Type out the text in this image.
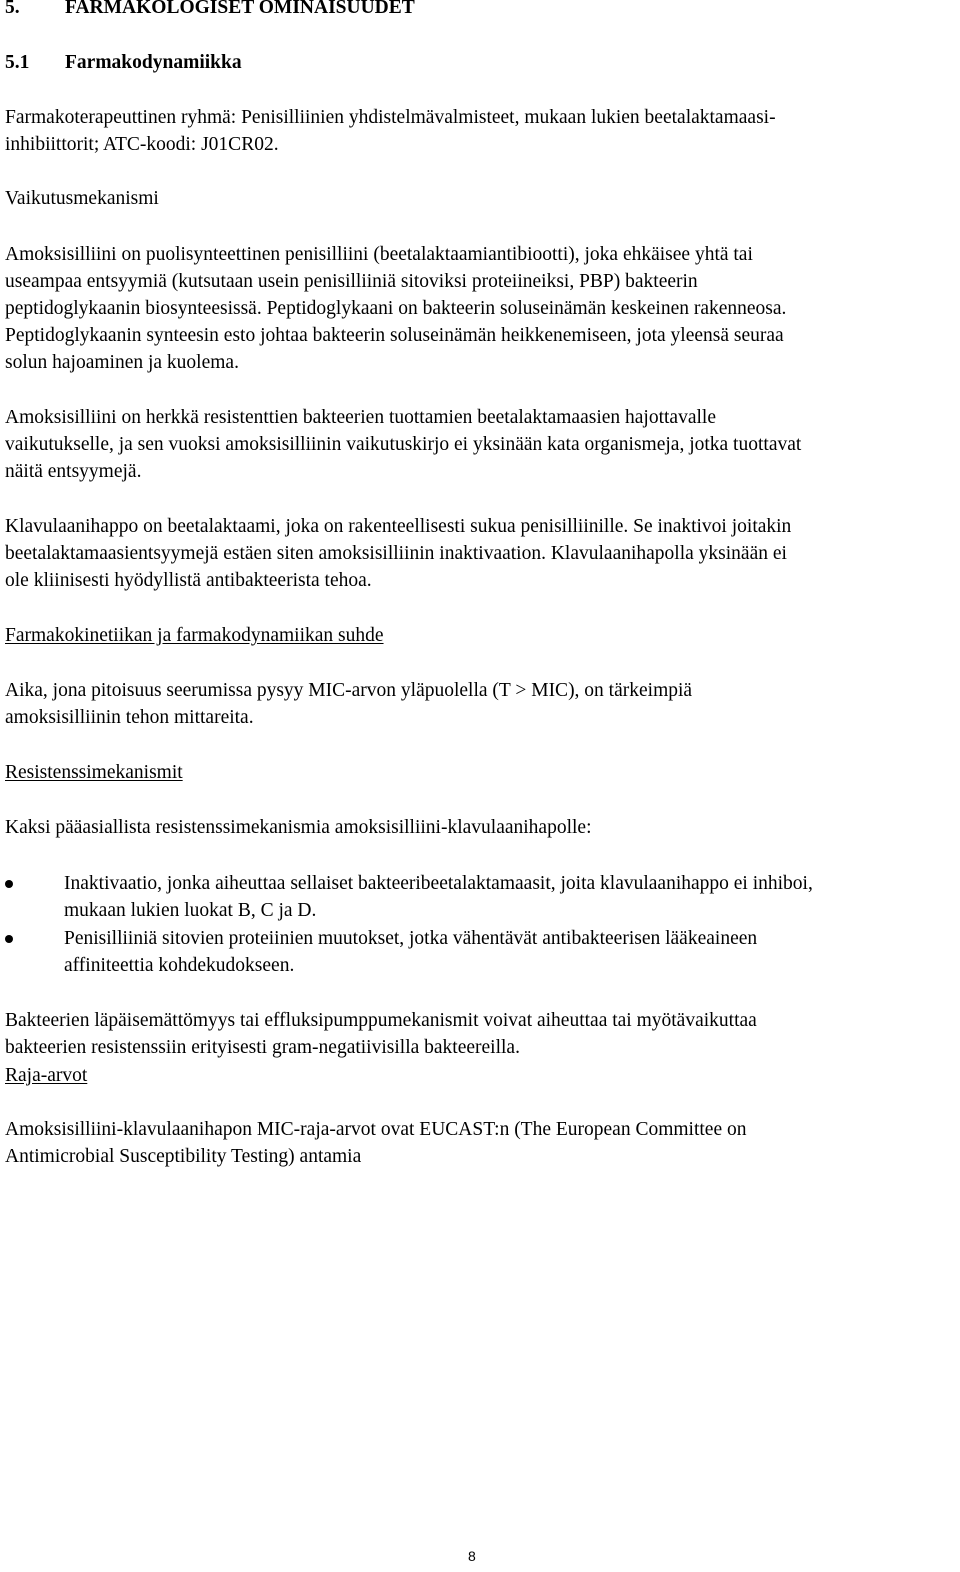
5. FARMAKOLOGISET OMINAISUUDET
5.1 Farmakodynamiikka

Farmakoterapeuttinen ryhmä: Penisilliinien yhdistelmävalmisteet, mukaan lukien beetalaktamaasi-
inhibiittorit; ATC-koodi: J01CR02.

Vaikutusmekanismi

Amoksisilliini on puolisynteettinen penisilliini (beetalaktaamiantibiootti), joka ehkäisee yhtä tai
useampaa entsyymiä (kutsutaan usein penisilliiniä sitoviksi proteiineiksi, PBP) bakteerin
peptidoglykaanin biosynteesissä. Peptidoglykaani on bakteerin soluseinämän keskeinen rakenneosa.
Peptidoglykaanin synteesin esto johtaa bakteerin soluseinämän heikkenemiseen, jota yleensä seuraa
solun hajoaminen ja kuolema.

Amoksisilliini on herkkä resistenttien bakteerien tuottamien beetalaktamaasien hajottavalle
vaikutukselle, ja sen vuoksi amoksisilliinin vaikutuskirjo ei yksinään kata organismeja, jotka tuottavat
näitä entsyymejä.

Klavulaanihappo on beetalaktaami, joka on rakenteellisesti sukua penisilliinille. Se inaktivoi joitakin
beetalaktamaasientsyymejä estäen siten amoksisilliinin inaktivaation. Klavulaanihapolla yksinään ei
ole kliinisesti hyödyllistä antibakteerista tehoa.

Farmakokinetiikan ja farmakodynamiikan suhde

Aika, jona pitoisuus seerumissa pysyy MIC-arvon yläpuolella (T > MIC), on tärkeimpiä
amoksisilliinin tehon mittareita.

Resistenssimekanismit

Kaksi pääasiallista resistenssimekanismia amoksisilliini-klavulaanihapolle:

Inaktivaatio, jonka aiheuttaa sellaiset bakteeribeetalaktamaasit, joita klavulaanihappo ei inhiboi,
mukaan lukien luokat B, C ja D.

Penisilliiniä sitovien proteiinien muutokset, jotka vähentävät antibakteerisen lääkeaineen
affiniteettia kohdekudokseen.

Bakteerien läpäisemättömyys tai effluksipumppumekanismit voivat aiheuttaa tai myötävaikuttaa
bakteerien resistenssiin erityisesti gram-negatiivisilla bakteereilla.

Raja-arvot

Amoksisilliini-klavulaanihapon MIC-raja-arvot ovat EUCAST:n (The European Committee on
Antimicrobial Susceptibility Testing) antamia

8
